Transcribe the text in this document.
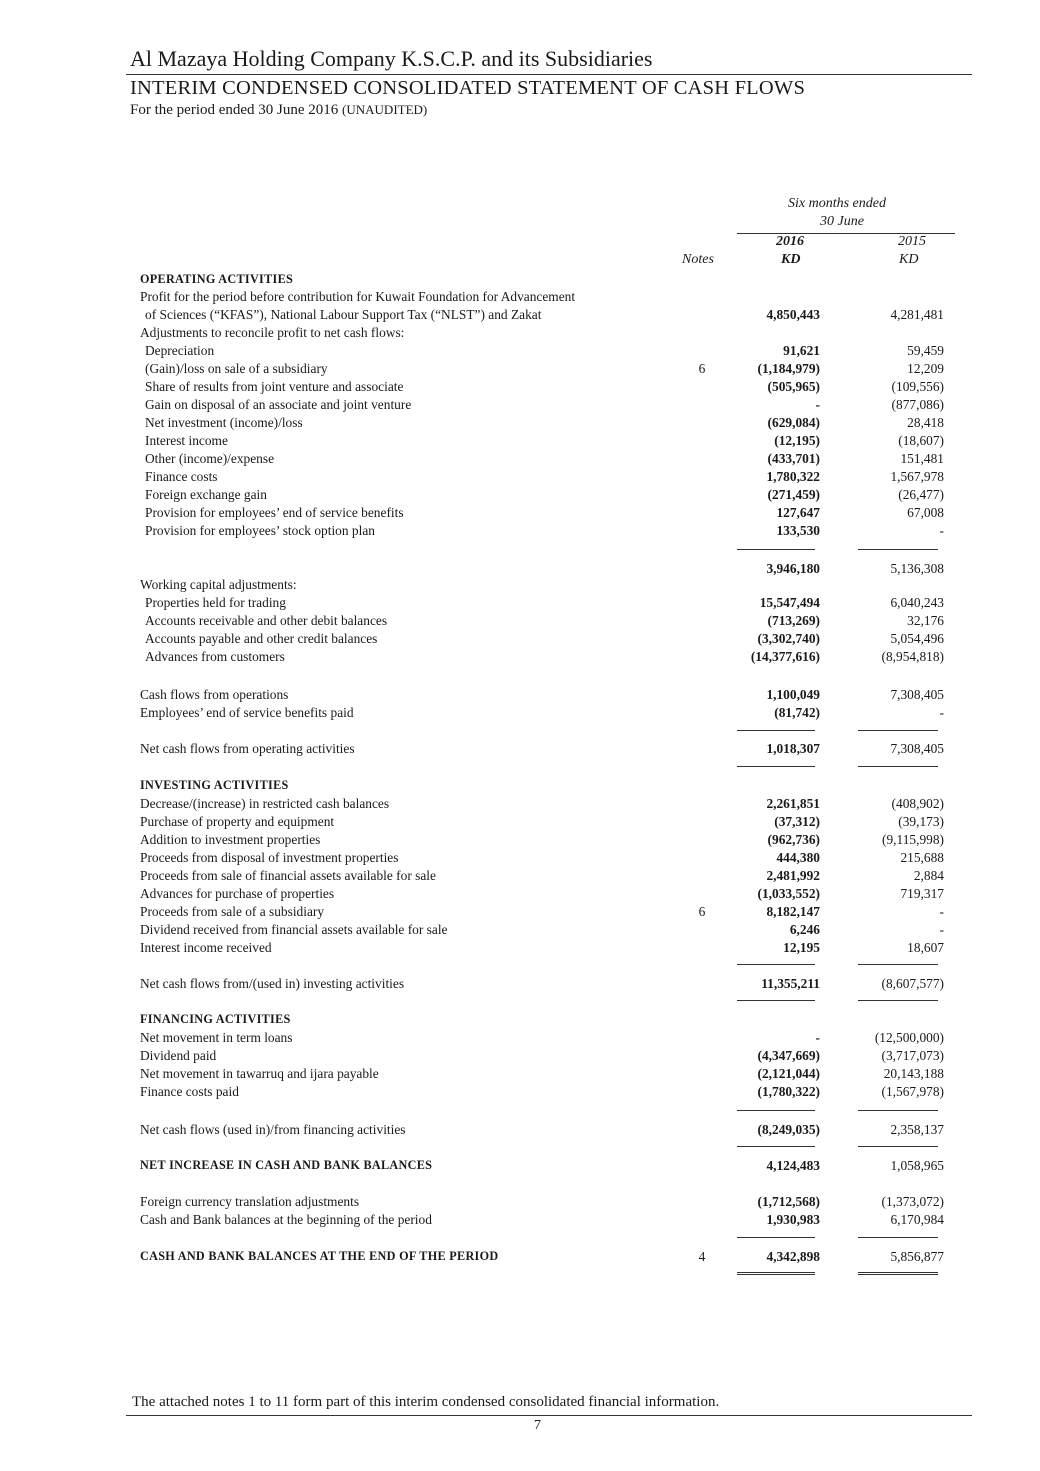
Al Mazaya Holding Company K.S.C.P. and its Subsidiaries
INTERIM CONDENSED CONSOLIDATED STATEMENT OF CASH FLOWS
For the period ended 30 June 2016 (UNAUDITED)
Six months ended
30 June
2016	2015
Notes	KD	KD
OPERATING ACTIVITIES
Profit for the period before contribution for Kuwait Foundation for Advancement
of Sciences (“KFAS”), National Labour Support Tax (“NLST”) and Zakat	4,850,443	4,281,481
Adjustments to reconcile profit to net cash flows:
Depreciation	91,621	59,459
(Gain)/loss on sale of a subsidiary	6	(1,184,979)	12,209
Share of results from joint venture and associate	(505,965)	(109,556)
Gain on disposal of an associate and joint venture	-	(877,086)
Net investment (income)/loss	(629,084)	28,418
Interest income	(12,195)	(18,607)
Other (income)/expense	(433,701)	151,481
Finance costs	1,780,322	1,567,978
Foreign exchange gain	(271,459)	(26,477)
Provision for employees’ end of service benefits	127,647	67,008
Provision for employees’ stock option plan	133,530	-
3,946,180	5,136,308
Working capital adjustments:
Properties held for trading	15,547,494	6,040,243
Accounts receivable and other debit balances	(713,269)	32,176
Accounts payable and other credit balances	(3,302,740)	5,054,496
Advances from customers	(14,377,616)	(8,954,818)
Cash flows from operations	1,100,049	7,308,405
Employees’ end of service benefits paid	(81,742)	-
Net cash flows from operating activities	1,018,307	7,308,405
INVESTING ACTIVITIES
Decrease/(increase) in restricted cash balances	2,261,851	(408,902)
Purchase of property and equipment	(37,312)	(39,173)
Addition to investment properties	(962,736)	(9,115,998)
Proceeds from disposal of investment properties	444,380	215,688
Proceeds from sale of financial assets available for sale	2,481,992	2,884
Advances for purchase of properties	(1,033,552)	719,317
Proceeds from sale of a subsidiary	6	8,182,147	-
Dividend received from financial assets available for sale	6,246	-
Interest income received	12,195	18,607
Net cash flows from/(used in) investing activities	11,355,211	(8,607,577)
FINANCING ACTIVITIES
Net movement in term loans	-	(12,500,000)
Dividend paid	(4,347,669)	(3,717,073)
Net movement in tawarruq and ijara payable	(2,121,044)	20,143,188
Finance costs paid	(1,780,322)	(1,567,978)
Net cash flows (used in)/from financing activities	(8,249,035)	2,358,137
NET INCREASE IN CASH AND BANK BALANCES	4,124,483	1,058,965
Foreign currency translation adjustments	(1,712,568)	(1,373,072)
Cash and Bank balances at the beginning of the period	1,930,983	6,170,984
CASH AND BANK BALANCES AT THE END OF THE PERIOD	4	4,342,898	5,856,877
The attached notes 1 to 11 form part of this interim condensed consolidated financial information.
7
